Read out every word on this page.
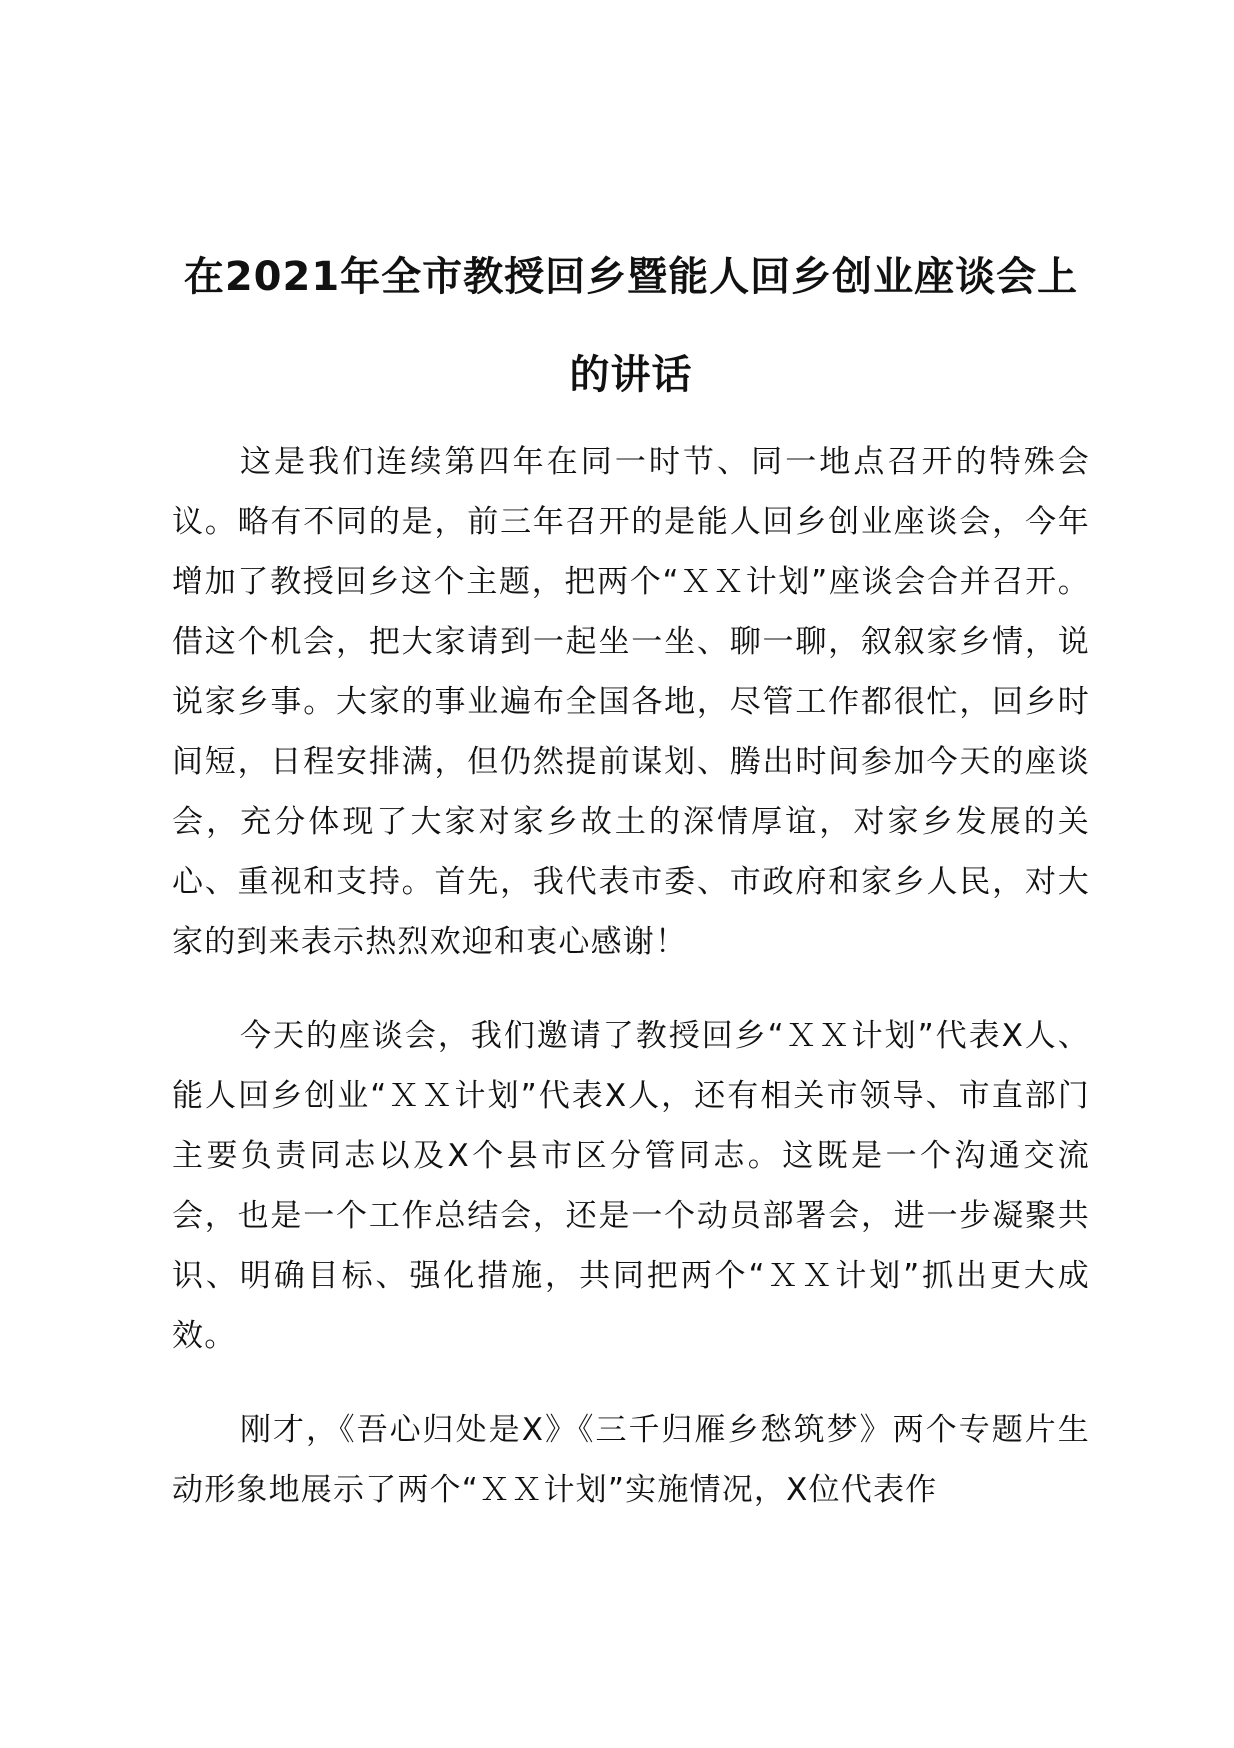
在2021年全市教授回乡暨能人回乡创业座谈会上的讲话

这是我们连续第四年在同一时节、同一地点召开的特殊会议。略有不同的是，前三年召开的是能人回乡创业座谈会，今年增加了教授回乡这个主题，把两个“ＸＸ计划”座谈会合并召开。借这个机会，把大家请到一起坐一坐、聊一聊，叙叙家乡情，说说家乡事。大家的事业遍布全国各地，尽管工作都很忙，回乡时间短，日程安排满，但仍然提前谋划、腾出时间参加今天的座谈会，充分体现了大家对家乡故土的深情厚谊，对家乡发展的关心、重视和支持。首先，我代表市委、市政府和家乡人民，对大家的到来表示热烈欢迎和衷心感谢！

今天的座谈会，我们邀请了教授回乡“ＸＸ计划”代表X人、能人回乡创业“ＸＸ计划”代表X人，还有相关市领导、市直部门主要负责同志以及X个县市区分管同志。这既是一个沟通交流会，也是一个工作总结会，还是一个动员部署会，进一步凝聚共识、明确目标、强化措施，共同把两个“ＸＸ计划”抓出更大成效。

刚才，《吾心归处是X》《三千归雁乡愁筑梦》两个专题片生动形象地展示了两个“ＸＸ计划”实施情况，X位代表作
